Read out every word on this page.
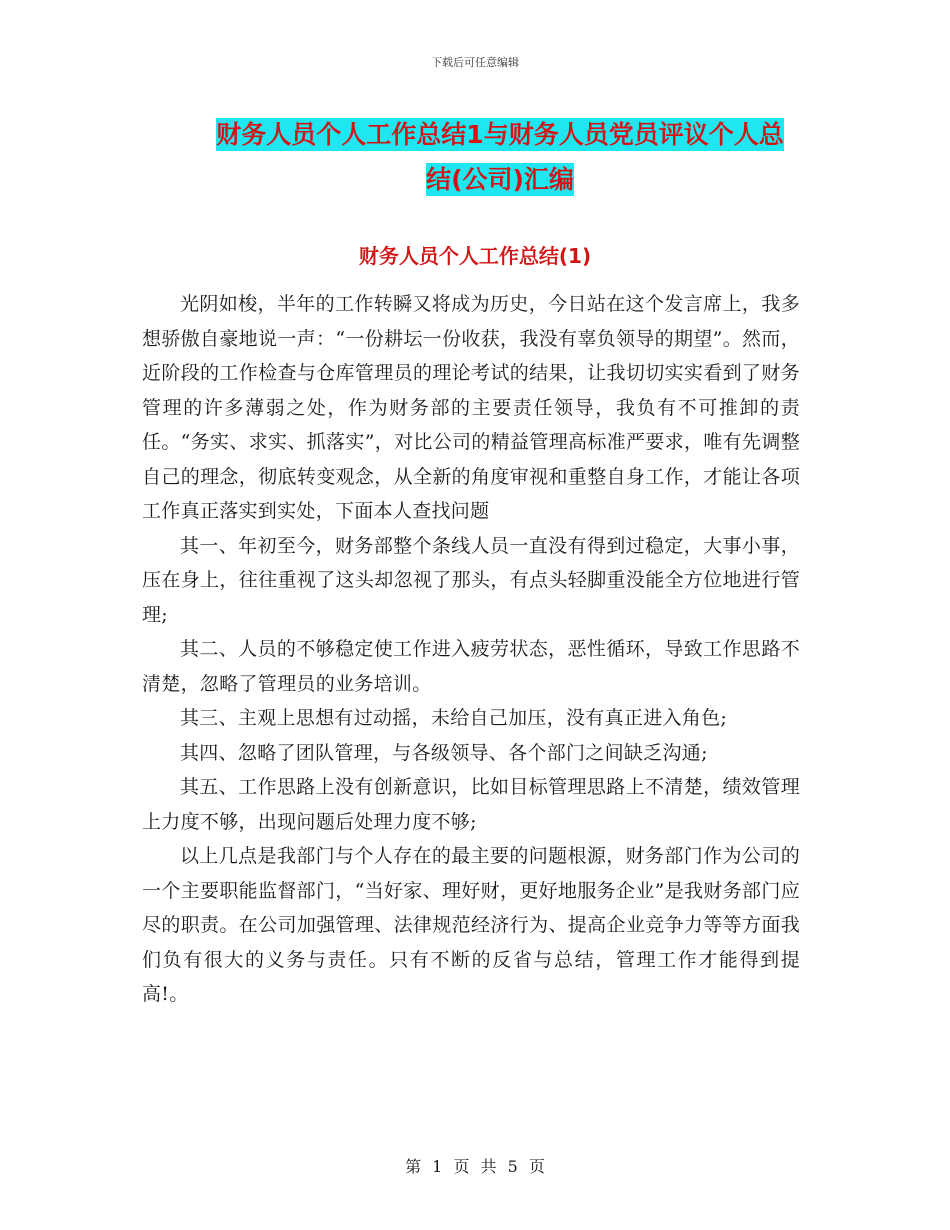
下载后可任意编辑
财务人员个人工作总结1与财务人员党员评议个人总
结(公司)汇编
财务人员个人工作总结(1)

光阴如梭，半年的工作转瞬又将成为历史，今日站在这个发言席上，我多想骄傲自豪地说一声：“一份耕坛一份收获，我没有辜负领导的期望”。然而，近阶段的工作检查与仓库管理员的理论考试的结果，让我切切实实看到了财务管理的许多薄弱之处，作为财务部的主要责任领导，我负有不可推卸的责任。“务实、求实、抓落实”，对比公司的精益管理高标准严要求，唯有先调整自己的理念，彻底转变观念，从全新的角度审视和重整自身工作，才能让各项工作真正落实到实处，下面本人查找问题

其一、年初至今，财务部整个条线人员一直没有得到过稳定，大事小事，压在身上，往往重视了这头却忽视了那头，有点头轻脚重没能全方位地进行管理;

其二、人员的不够稳定使工作进入疲劳状态，恶性循环，导致工作思路不清楚，忽略了管理员的业务培训。

其三、主观上思想有过动摇，未给自己加压，没有真正进入角色;

其四、忽略了团队管理，与各级领导、各个部门之间缺乏沟通;

其五、工作思路上没有创新意识，比如目标管理思路上不清楚，绩效管理上力度不够，出现问题后处理力度不够;

以上几点是我部门与个人存在的最主要的问题根源，财务部门作为公司的一个主要职能监督部门，“当好家、理好财，更好地服务企业”是我财务部门应尽的职责。在公司加强管理、法律规范经济行为、提高企业竞争力等等方面我们负有很大的义务与责任。只有不断的反省与总结，管理工作才能得到提高!。

第 1 页 共 5 页
